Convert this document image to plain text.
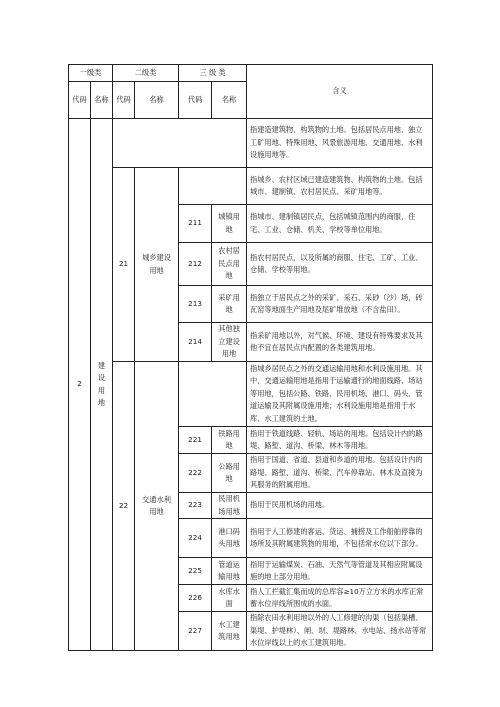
一级类		二级类		三 级 类		含义
代码	名称	代码	名称	代码	名称	
2	建设用地					指建造建筑物、构筑物的土地。包括居民点用地、独立工矿用地、特殊用地、风景旅游用地、交通用地、水利设施用地等。
		21	城乡建设用地			指城乡、农村区域已建造建筑物、构筑物的土地。包括城市、建制镇、农村居民点、采矿用地等。
				211	城镇用地	指城市、建制镇居民点，包括城镇范围内的商服、住宅、工业、仓储、机关、学校等单位用地。
				212	农村居民点用地	指农村居民点，以及所属的商服、住宅、工矿、工业、仓储、学校等用地。
				213	采矿用地	指独立于居民点之外的采矿、采石、采砂（沙）场，砖瓦窑等地面生产用地及尾矿堆放地（不含盐田）。
				214	其他独立建设用地	指采矿用地以外，对气候、环境、建设有特殊要求及其他不宜在居民点内配置的各类建筑用地。
		22	交通水利用地			指城乡居民点之外的交通运输用地和水利设施用地。其中，交通运输用地是指用于运输通行的地面线路、场站等用地，包括公路、铁路、民用机场、港口、码头、管道运输及其附属设施用地；水利设施用地是指用于水库、水工建筑的土地。
				221	铁路用地	指用于铁道线路、轻轨、场站的用地。包括设计内的路堤、路堑、道沟、桥梁、林木等用地。
				222	公路用地	指用于国道、省道、县道和乡道的用地。包括设计内的路堤、路堑、道沟、桥梁、汽车停靠站、林木及直接为其服务的附属用地。
				223	民用机场用地	指用于民用机场的用地。
				224	港口码头用地	指用于人工修建的客运、货运、捕捞及工作船舶停靠的场所及其附属建筑物的用地，不包括常水位以下部分。
				225	管道运输用地	指用于运输煤炭、石油、天然气等管道及其相应附属设施的地上部分用地。
				226	水库水面	指人工拦截汇集而成的总库容≥10万立方米的水库正常蓄水位岸线所围成的水面。
				227	水工建筑用地	指除农田水利用地以外的人工修建的沟渠（包括渠槽、渠堤、护堤林）、闸、坝、堤路林、水电站、扬水站等常水位岸线以上的水工建筑用地。
